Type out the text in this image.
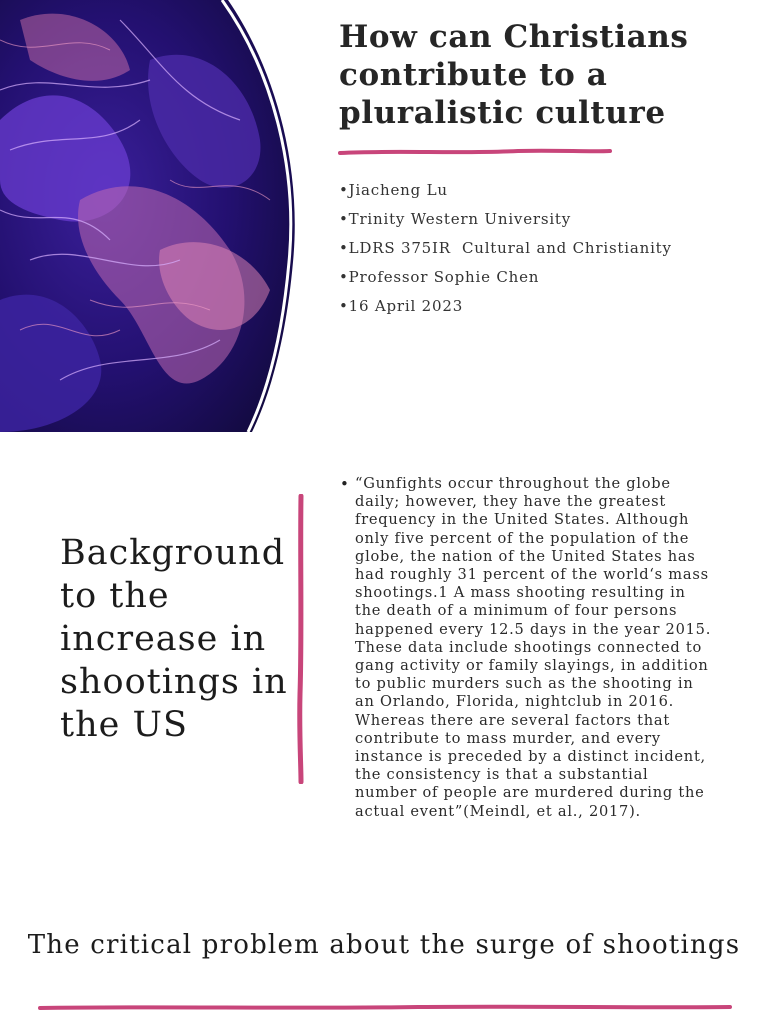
How can Christians contribute to a pluralistic culture
•Jiacheng Lu
•Trinity Western University
•LDRS 375IR ￼ Cultural and Christianity
•Professor Sophie Chen
•16 April 2023
Background to the increase in shootings in the US
• “Gunfights occur throughout the globe daily; however, they have the greatest frequency in the United States. Although only five percent of the population of the globe, the nation of the United States has had roughly 31 percent of the world‘s mass shootings.1 A mass shooting resulting in the death of a minimum of four persons happened every 12.5 days in the year 2015. These data include shootings connected to gang activity or family slayings, in addition to public murders such as the shooting in an Orlando, Florida, nightclub in 2016. Whereas there are several factors that contribute to mass murder, and every instance is preceded by a distinct incident, the consistency is that a substantial number of people are murdered during the actual event”(Meindl, et al., 2017).

The critical problem about the surge of shootings
